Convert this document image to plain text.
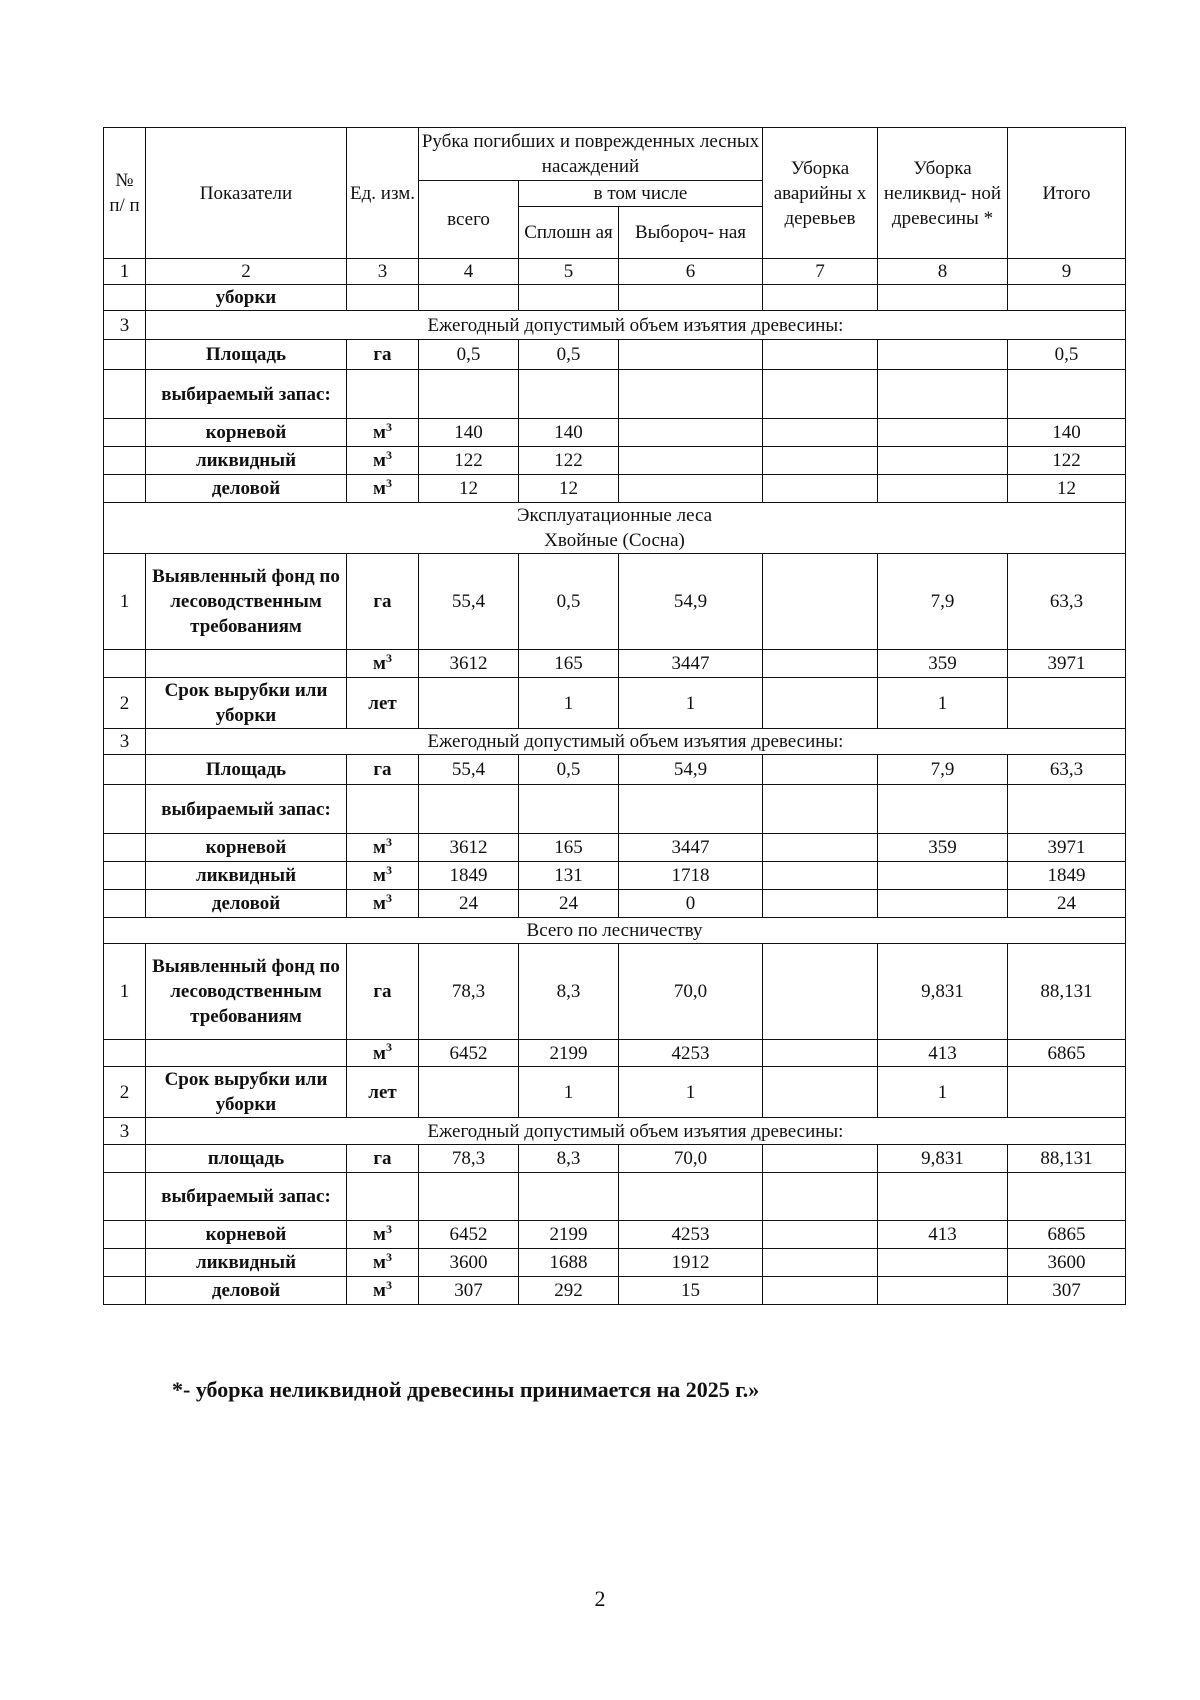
№ п/ п	Показатели	Ед. изм.	Рубка погибших и поврежденных лесных насаждений			Уборка аварийны х деревьев	Уборка неликвид- ной древесины *	Итого
			всего	в том числе				
				Сплошн ая	Выбороч- ная			
1	2	3	4	5	6	7	8	9
	уборки							
3	Ежегодный допустимый объем изъятия древесины:							
	Площадь	га	0,5	0,5				0,5
	выбираемый запас:							
	корневой	м 3	140	140				140
	ликвидный	м 3	122	122				122
	деловой	м 3	12	12				12

Эксплуатационные леса
Хвойные (Сосна)								

1	Выявленный фонд по лесоводственным требованиям	га	55,4	0,5	54,9		7,9	63,3
		м 3	3612	165	3447		359	3971
2	Срок вырубки или уборки	лет		1	1		1	
3	Ежегодный допустимый объем изъятия древесины:							
	Площадь	га	55,4	0,5	54,9		7,9	63,3
	выбираемый запас:							
	корневой	м 3	3612	165	3447		359	3971
	ликвидный	м 3	1849	131	1718			1849
	деловой	м 3	24	24	0			24

Всего по лесничеству								

1	Выявленный фонд по лесоводственным требованиям	га	78,3	8,3	70,0		9,831	88,131
		м 3	6452	2199	4253		413	6865
2	Срок вырубки или уборки	лет		1	1		1	
3	Ежегодный допустимый объем изъятия древесины:							
	площадь	га	78,3	8,3	70,0		9,831	88,131
	выбираемый запас:							
	корневой	м 3	6452	2199	4253		413	6865
	ликвидный	м 3	3600	1688	1912			3600
	деловой	м 3	307	292	15			307
*- уборка неликвидной древесины принимается на 2025 г.»
2
